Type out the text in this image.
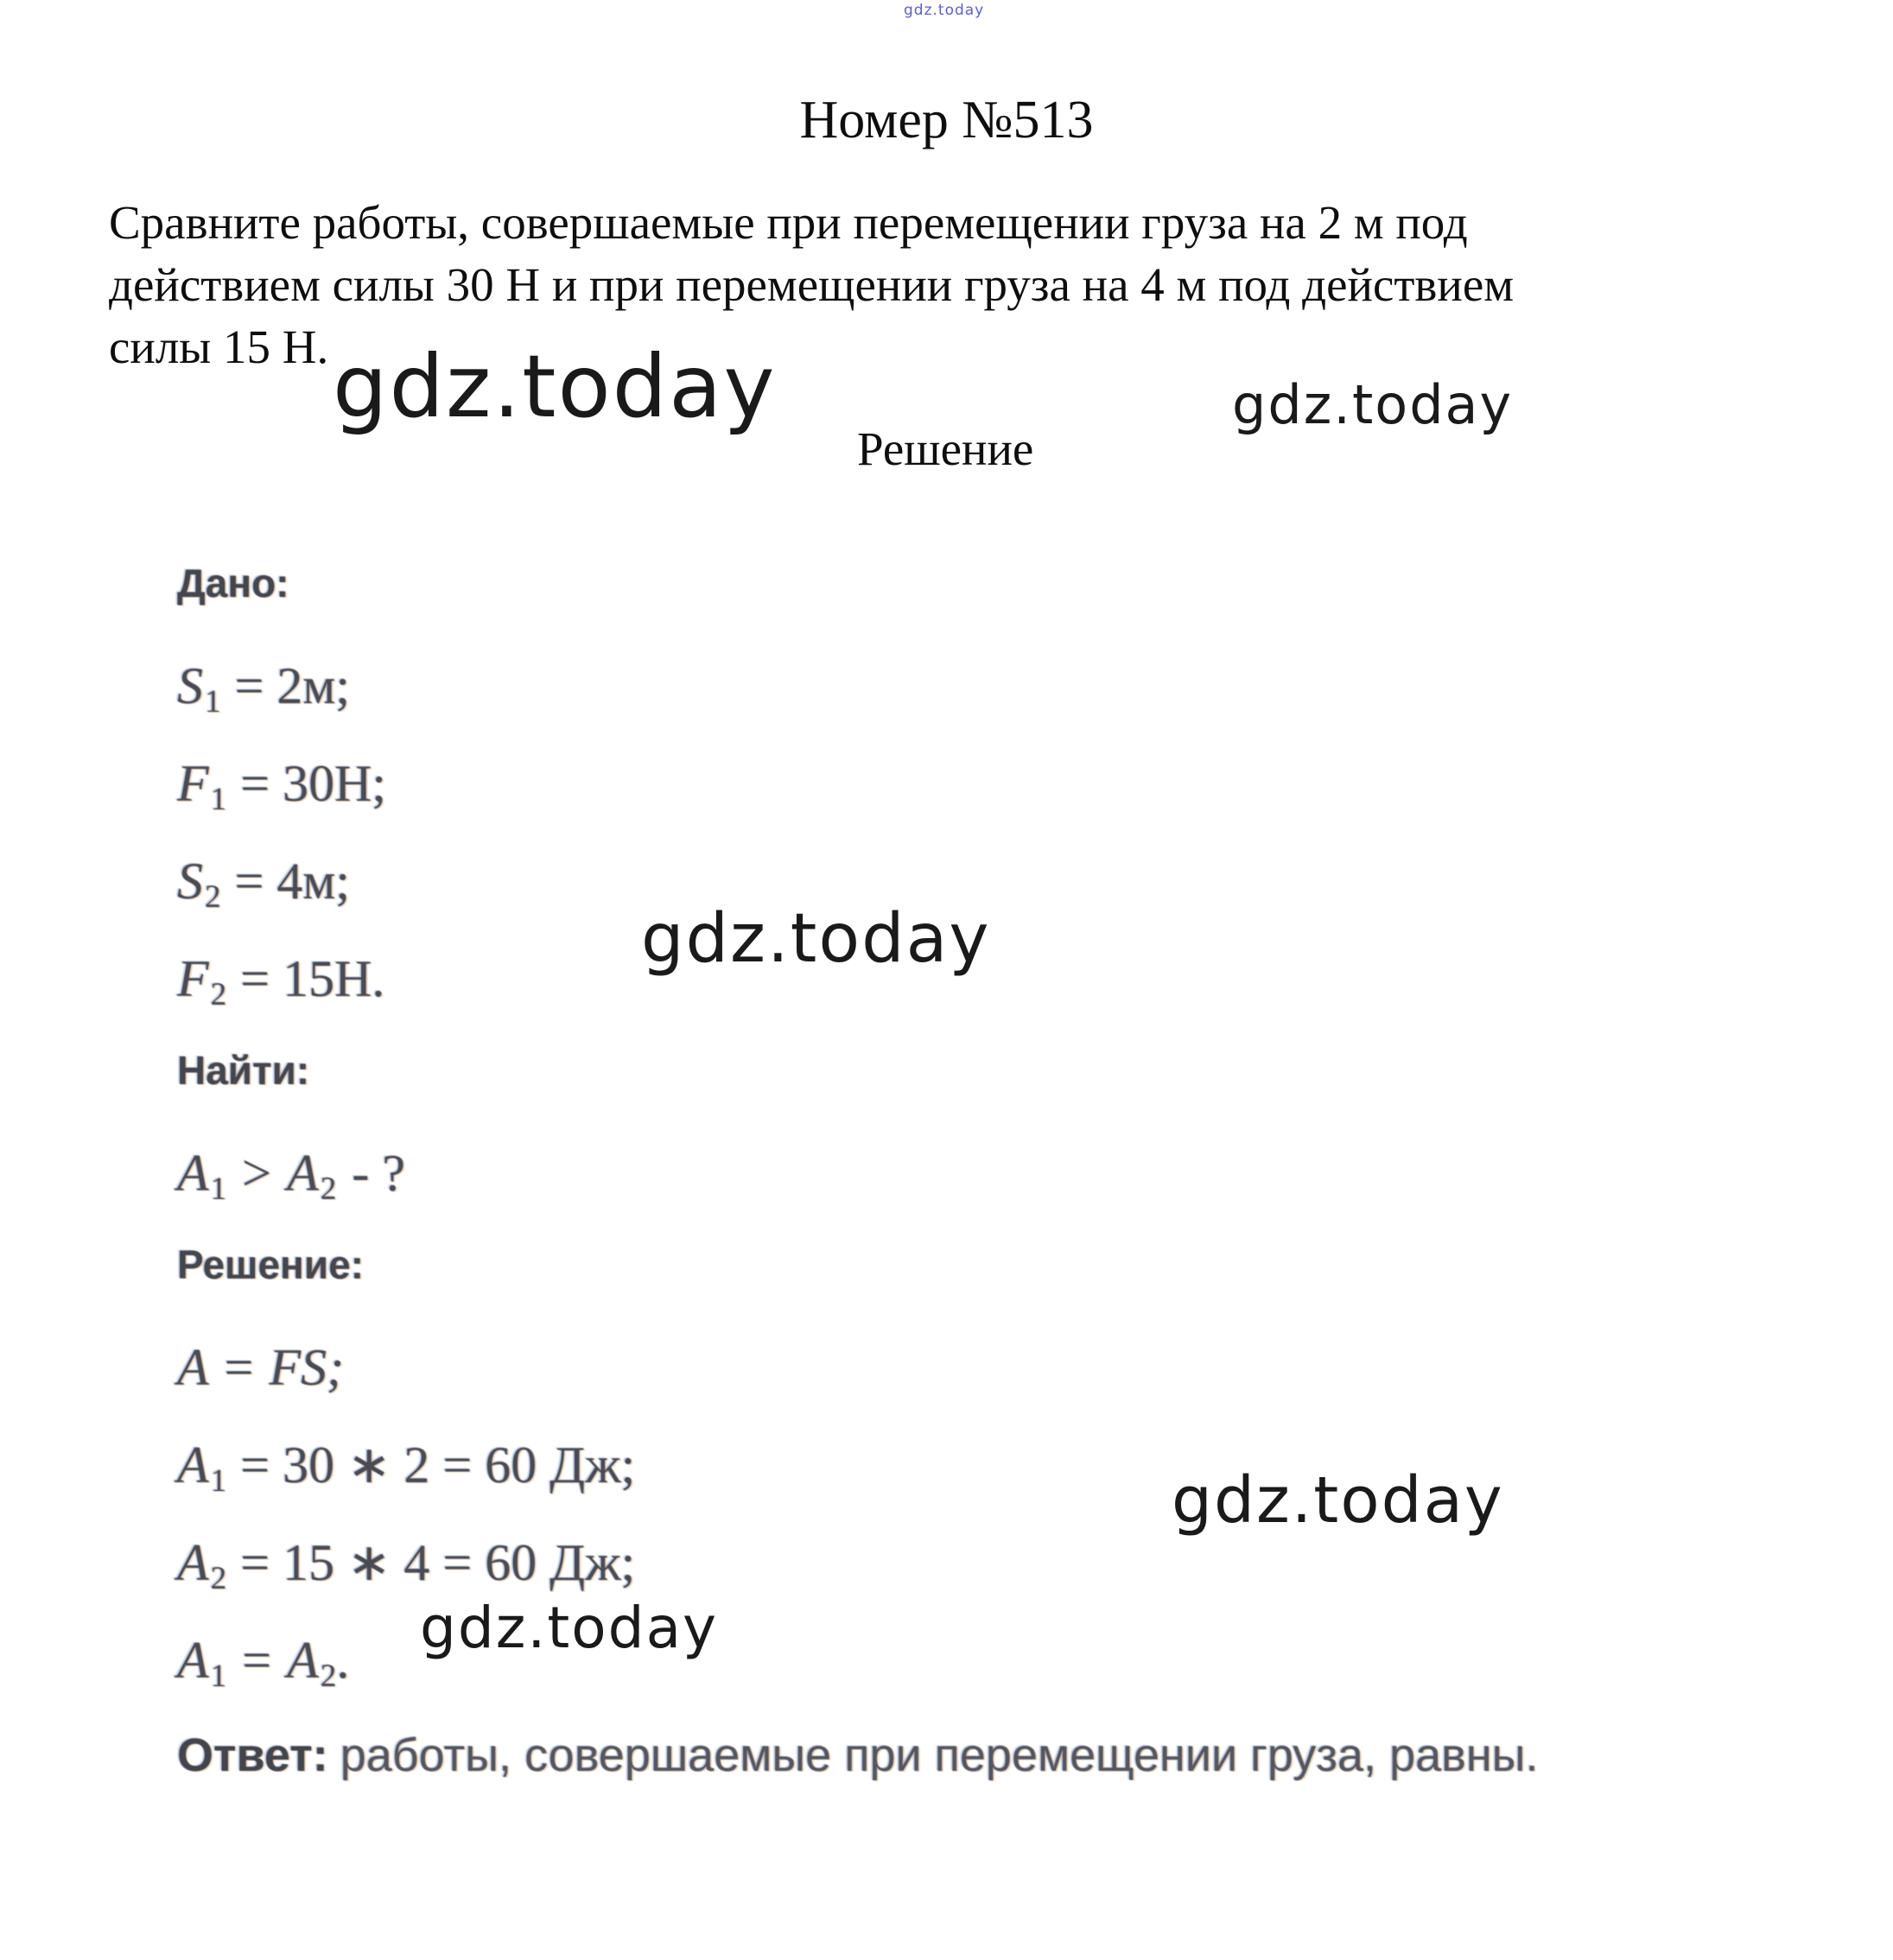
gdz.today
Номер №513
Сравните работы, совершаемые при перемещении груза на 2 м под
действием силы 30 Н и при перемещении груза на 4 м под действием
силы 15 Н. gdz.today
Решение
gdz.today
Дано:
$S_1 = 2м$;
$F_1 = 30Н$;
$S_2 = 4м$;
$F_2 = 15Н$.
Найти:
$A_1 > A_2$ - ?
Решение:
A = FS;
$A_1 = 30$ ∗ 2 = 60 Дж;
$A_2 = 15$ ∗ 4 = 60 Дж;
$A_1 = A_2$.
Ответ: работы, совершаемые при перемещении груза, равны.
gdz.today
gdz.today
gdz.today
